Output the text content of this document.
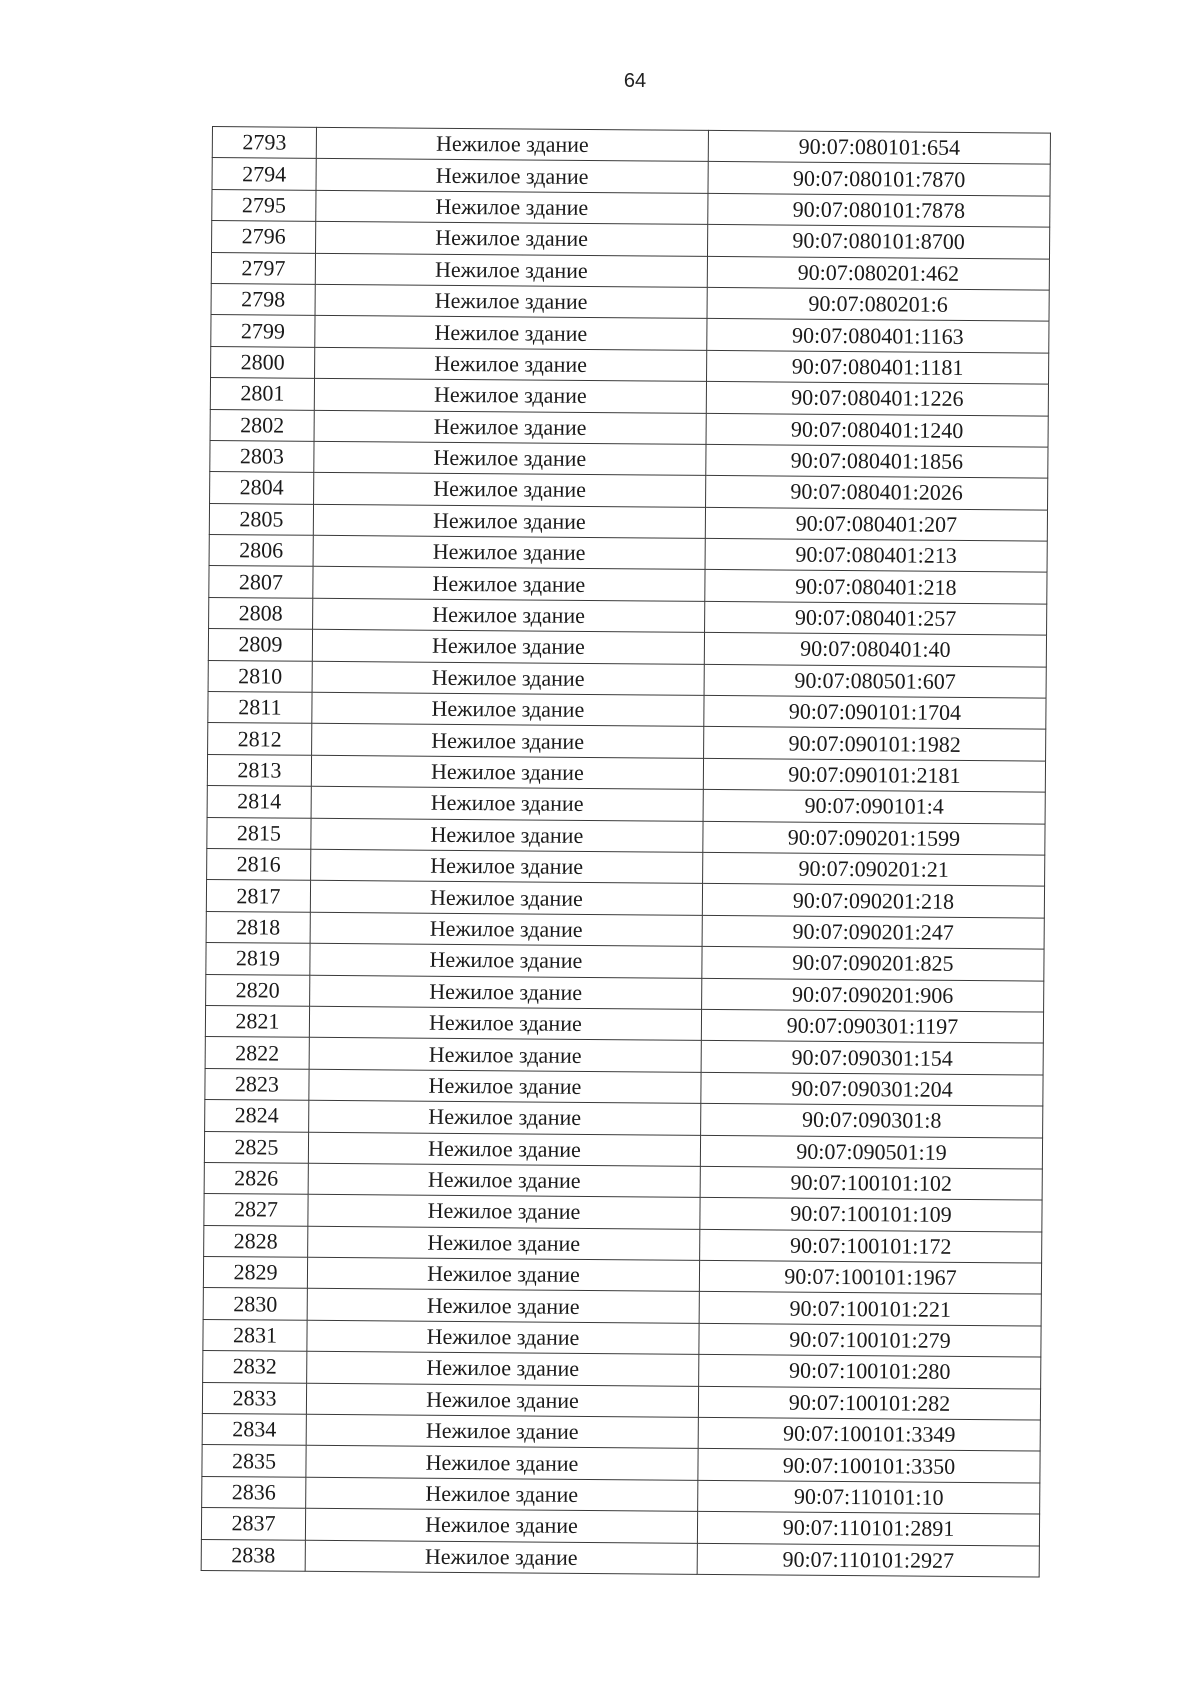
64
2793	Нежилое здание	90:07:080101:654
2794	Нежилое здание	90:07:080101:7870
2795	Нежилое здание	90:07:080101:7878
2796	Нежилое здание	90:07:080101:8700
2797	Нежилое здание	90:07:080201:462
2798	Нежилое здание	90:07:080201:6
2799	Нежилое здание	90:07:080401:1163
2800	Нежилое здание	90:07:080401:1181
2801	Нежилое здание	90:07:080401:1226
2802	Нежилое здание	90:07:080401:1240
2803	Нежилое здание	90:07:080401:1856
2804	Нежилое здание	90:07:080401:2026
2805	Нежилое здание	90:07:080401:207
2806	Нежилое здание	90:07:080401:213
2807	Нежилое здание	90:07:080401:218
2808	Нежилое здание	90:07:080401:257
2809	Нежилое здание	90:07:080401:40
2810	Нежилое здание	90:07:080501:607
2811	Нежилое здание	90:07:090101:1704
2812	Нежилое здание	90:07:090101:1982
2813	Нежилое здание	90:07:090101:2181
2814	Нежилое здание	90:07:090101:4
2815	Нежилое здание	90:07:090201:1599
2816	Нежилое здание	90:07:090201:21
2817	Нежилое здание	90:07:090201:218
2818	Нежилое здание	90:07:090201:247
2819	Нежилое здание	90:07:090201:825
2820	Нежилое здание	90:07:090201:906
2821	Нежилое здание	90:07:090301:1197
2822	Нежилое здание	90:07:090301:154
2823	Нежилое здание	90:07:090301:204
2824	Нежилое здание	90:07:090301:8
2825	Нежилое здание	90:07:090501:19
2826	Нежилое здание	90:07:100101:102
2827	Нежилое здание	90:07:100101:109
2828	Нежилое здание	90:07:100101:172
2829	Нежилое здание	90:07:100101:1967
2830	Нежилое здание	90:07:100101:221
2831	Нежилое здание	90:07:100101:279
2832	Нежилое здание	90:07:100101:280
2833	Нежилое здание	90:07:100101:282
2834	Нежилое здание	90:07:100101:3349
2835	Нежилое здание	90:07:100101:3350
2836	Нежилое здание	90:07:110101:10
2837	Нежилое здание	90:07:110101:2891
2838	Нежилое здание	90:07:110101:2927
